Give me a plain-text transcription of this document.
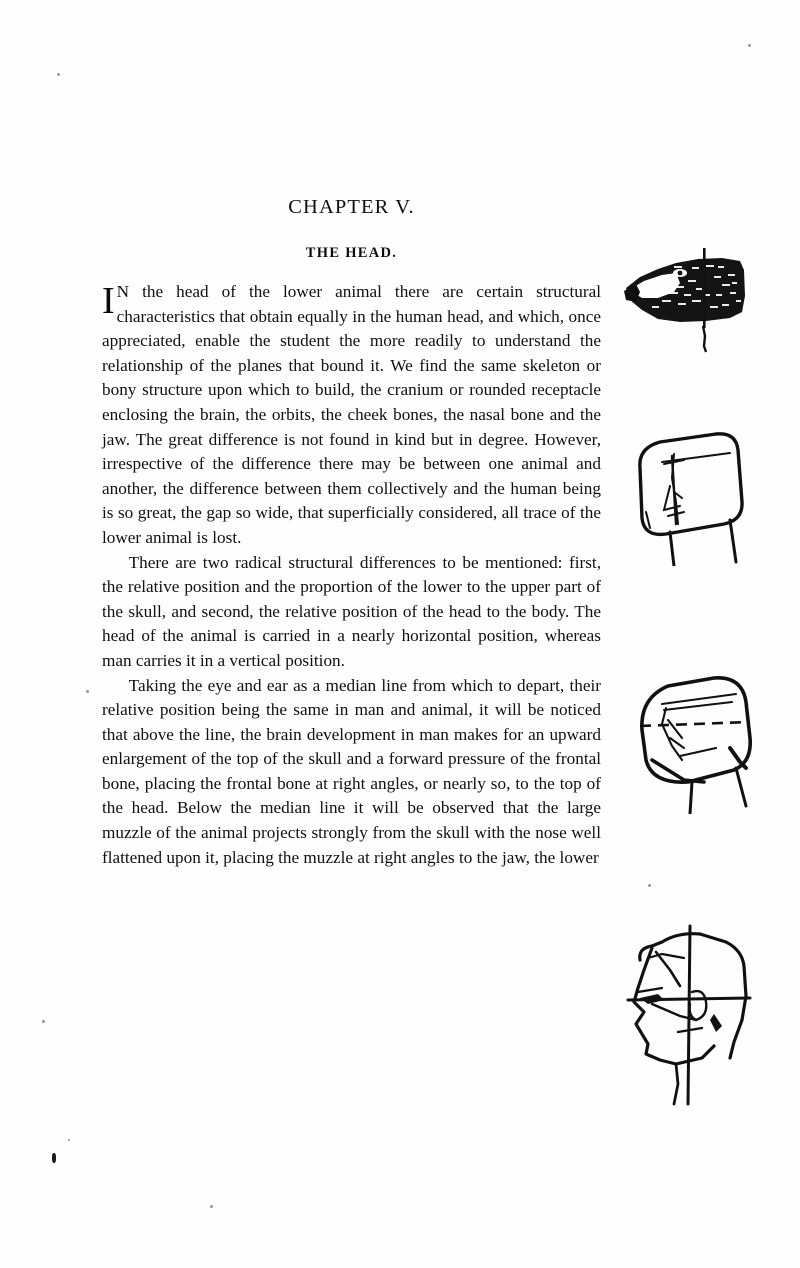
CHAPTER V.
THE HEAD.

I N the head of the lower animal there are certain structural characteristics that obtain equally in the human head, and which, once appreciated, enable the student the more readily to understand the relationship of the planes that bound it. We find the same skeleton or bony structure upon which to build, the cranium or rounded receptacle enclosing the brain, the orbits, the cheek bones, the nasal bone and the jaw. The great difference is not found in kind but in degree. However, irrespective of the difference there may be between one animal and another, the difference between them collectively and the human being is so great, the gap so wide, that superficially considered, all trace of the lower animal is lost.

There are two radical structural differences to be mentioned: first, the relative position and the proportion of the lower to the upper part of the skull, and second, the relative position of the head to the body. The head of the animal is carried in a nearly horizontal position, whereas man carries it in a vertical position.

Taking the eye and ear as a median line from which to depart, their relative position being the same in man and animal, it will be noticed that above the line, the brain development in man makes for an upward enlargement of the top of the skull and a forward pressure of the frontal bone, placing the frontal bone at right angles, or nearly so, to the top of the head. Below the median line it will be observed that the large muzzle of the animal projects strongly from the skull with the nose well flattened upon it, placing the muzzle at right angles to the jaw, the lower
